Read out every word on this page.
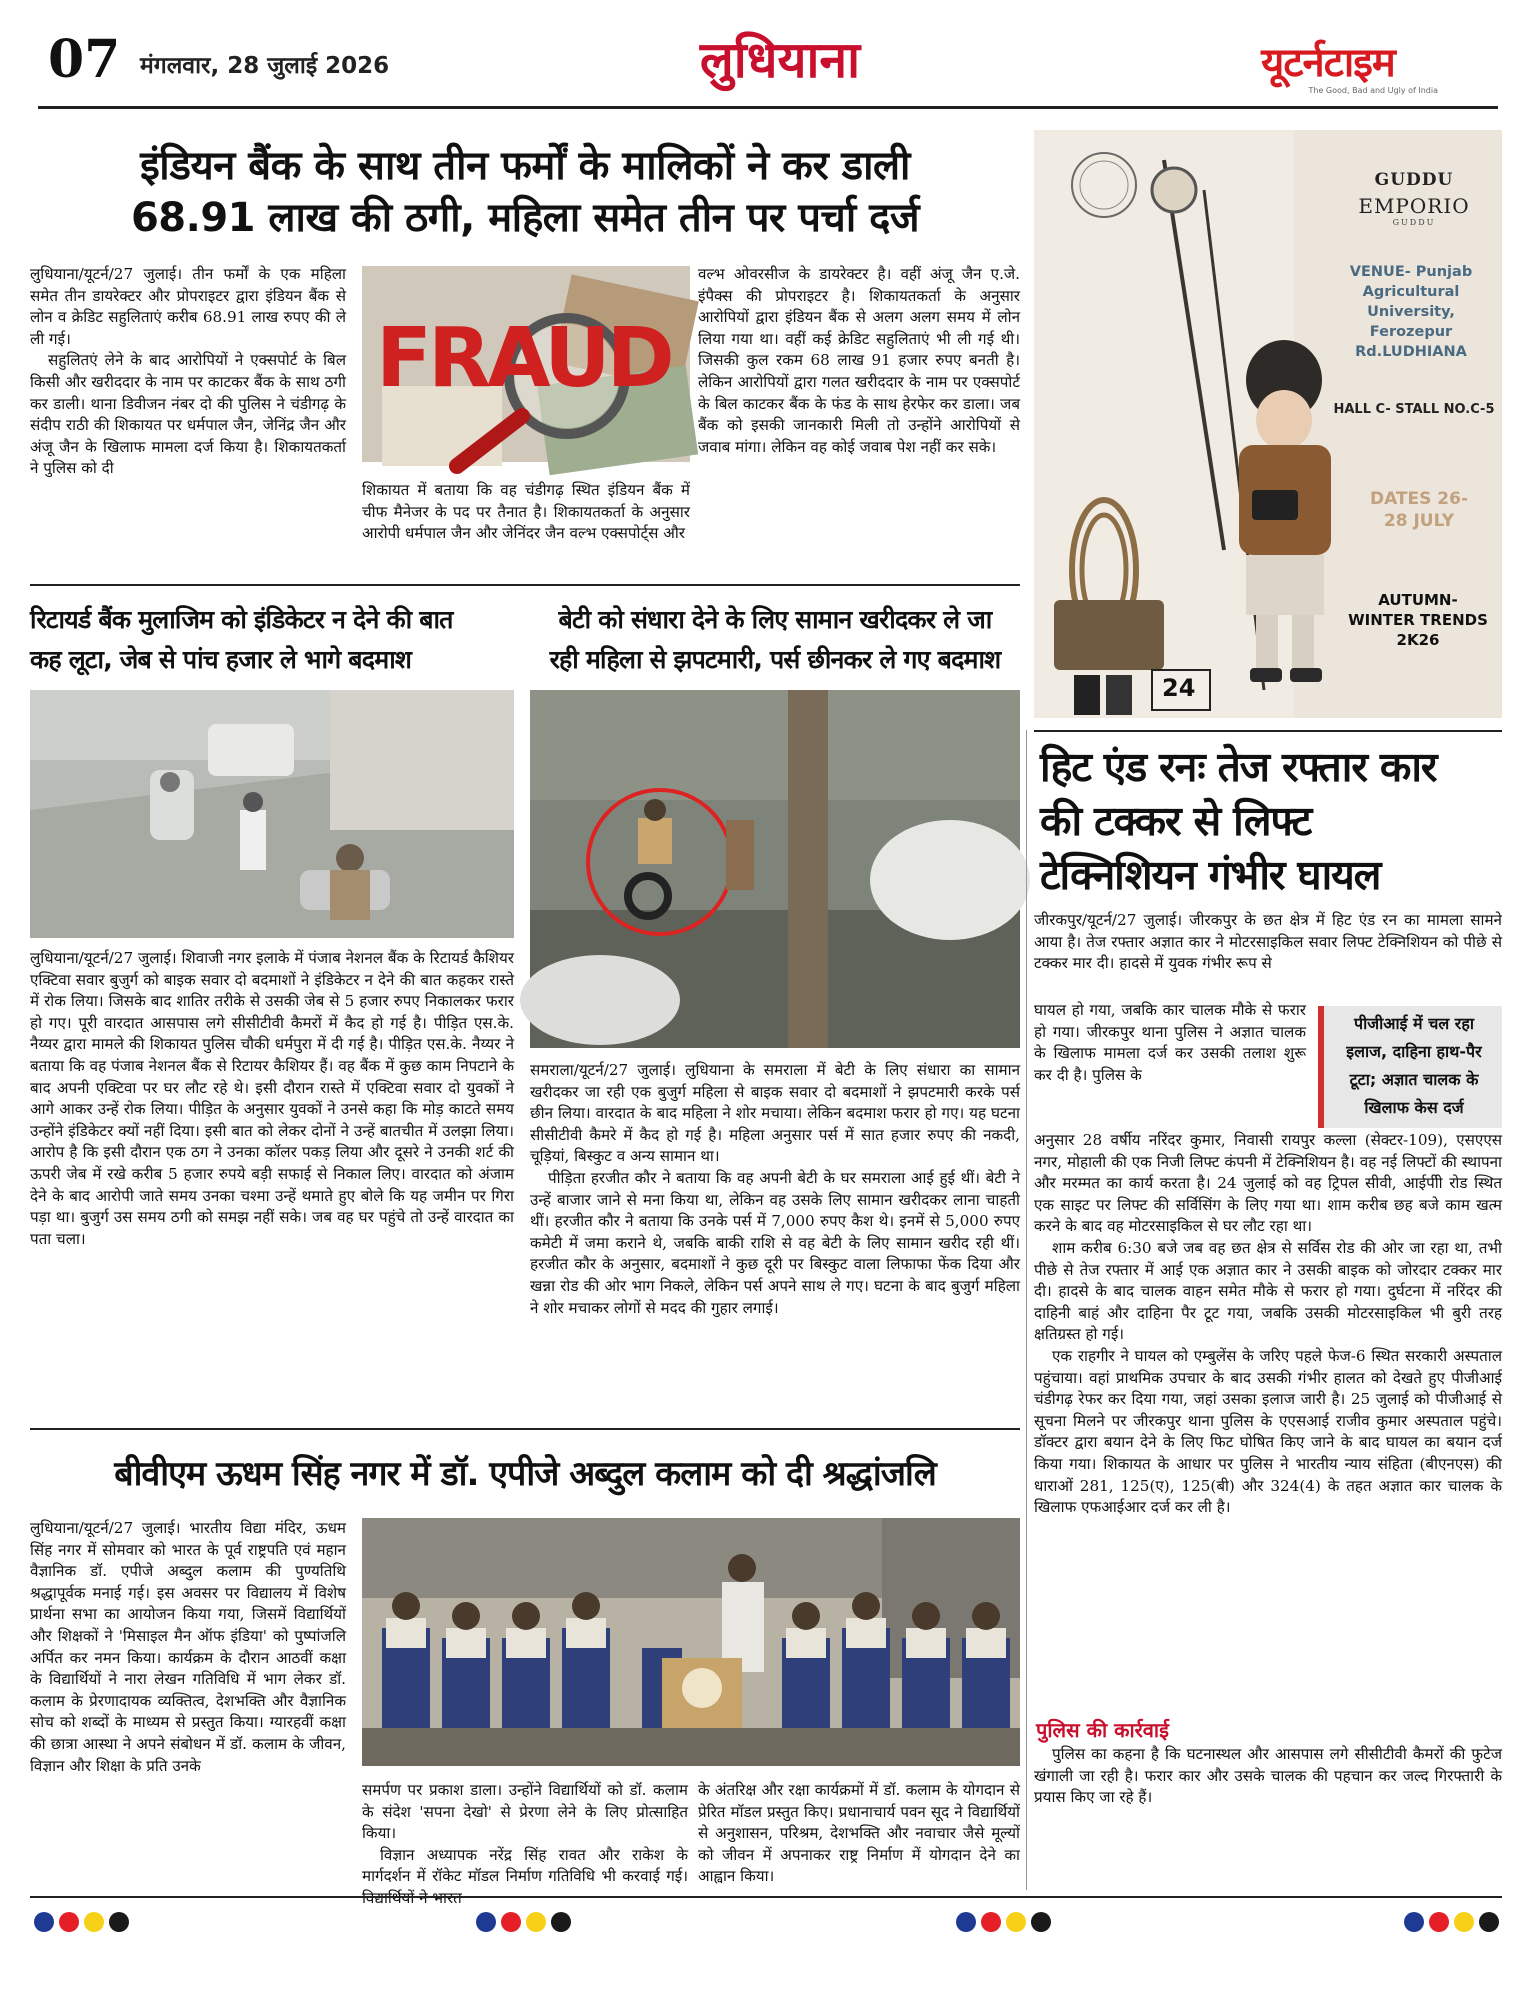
07 मंगलवार, 28 जुलाई 2026	लुधियाना	यूटर्नटाइम
The Good, Bad and Ugly of India
इंडियन बैंक के साथ तीन फर्मों के मालिकों ने कर डाली
68.91 लाख की ठगी, महिला समेत तीन पर पर्चा दर्ज

लुधियाना/यूटर्न/27 जुलाई। तीन फर्मों के एक महिला समेत तीन डायरेक्टर और प्रोपराइटर द्वारा इंडियन बैंक से लोन व क्रेडिट सहुलिताएं करीब 68.91 लाख रुपए की ले ली गई।

सहुलितएं लेने के बाद आरोपियों ने एक्सपोर्ट के बिल किसी और खरीददार के नाम पर काटकर बैंक के साथ ठगी कर डाली। थाना डिवीजन नंबर दो की पुलिस ने चंडीगढ़ के संदीप राठी की शिकायत पर धर्मपाल जैन, जेनिंद्र जैन और अंजू जैन के खिलाफ मामला दर्ज किया है। शिकायतकर्ता ने पुलिस को दी

FRAUD
शिकायत में बताया कि वह चंडीगढ़ स्थित इंडियन बैंक में चीफ मैनेजर के पद पर तैनात है। शिकायतकर्ता के अनुसार आरोपी धर्मपाल जैन और जेनिंदर जैन वल्भ एक्सपोर्ट्स और
वल्भ ओवरसीज के डायरेक्टर है। वहीं अंजू जैन ए.जे. इंपैक्स की प्रोपराइटर है। शिकायतकर्ता के अनुसार आरोपियों द्वारा इंडियन बैंक से अलग अलग समय में लोन लिया गया था। वहीं कई क्रेडिट सहुलिताएं भी ली गई थी। जिसकी कुल रकम 68 लाख 91 हजार रुपए बनती है। लेकिन आरोपियों द्वारा गलत खरीददार के नाम पर एक्सपोर्ट के बिल काटकर बैंक के फंड के साथ हेरफेर कर डाला। जब बैंक को इसकी जानकारी मिली तो उन्होंने आरोपियों से जवाब मांगा। लेकिन वह कोई जवाब पेश नहीं कर सके।
24
GUDDU
EMPORIO
GUDDU
VENUE- Punjab Agricultural University, Ferozepur Rd.LUDHIANA
HALL C- STALL NO.C-5
DATES 26-28 JULY
AUTUMN-
WINTER TRENDS
2K26
रिटायर्ड बैंक मुलाजिम को इंडिकेटर न देने की बात
कह लूटा, जेब से पांच हजार ले भागे बदमाश
लुधियाना/यूटर्न/27 जुलाई। शिवाजी नगर इलाके में पंजाब नेशनल बैंक के रिटायर्ड कैशियर एक्टिवा सवार बुजुर्ग को बाइक सवार दो बदमाशों ने इंडिकेटर न देने की बात कहकर रास्ते में रोक लिया। जिसके बाद शातिर तरीके से उसकी जेब से 5 हजार रुपए निकालकर फरार हो गए। पूरी वारदात आसपास लगे सीसीटीवी कैमरों में कैद हो गई है। पीड़ित एस.के. नैय्यर द्वारा मामले की शिकायत पुलिस चौकी धर्मपुरा में दी गई है। पीड़ित एस.के. नैय्यर ने बताया कि वह पंजाब नेशनल बैंक से रिटायर कैशियर हैं। वह बैंक में कुछ काम निपटाने के बाद अपनी एक्टिवा पर घर लौट रहे थे। इसी दौरान रास्ते में एक्टिवा सवार दो युवकों ने आगे आकर उन्हें रोक लिया। पीड़ित के अनुसार युवकों ने उनसे कहा कि मोड़ काटते समय उन्होंने इंडिकेटर क्यों नहीं दिया। इसी बात को लेकर दोनों ने उन्हें बातचीत में उलझा लिया। आरोप है कि इसी दौरान एक ठग ने उनका कॉलर पकड़ लिया और दूसरे ने उनकी शर्ट की ऊपरी जेब में रखे करीब 5 हजार रुपये बड़ी सफाई से निकाल लिए। वारदात को अंजाम देने के बाद आरोपी जाते समय उनका चश्मा उन्हें थमाते हुए बोले कि यह जमीन पर गिरा पड़ा था। बुजुर्ग उस समय ठगी को समझ नहीं सके। जब वह घर पहुंचे तो उन्हें वारदात का पता चला।
बेटी को संधारा देने के लिए सामान खरीदकर ले जा
रही महिला से झपटमारी, पर्स छीनकर ले गए बदमाश

समराला/यूटर्न/27 जुलाई। लुधियाना के समराला में बेटी के लिए संधारा का सामान खरीदकर जा रही एक बुजुर्ग महिला से बाइक सवार दो बदमाशों ने झपटमारी करके पर्स छीन लिया। वारदात के बाद महिला ने शोर मचाया। लेकिन बदमाश फरार हो गए। यह घटना सीसीटीवी कैमरे में कैद हो गई है। महिला अनुसार पर्स में सात हजार रुपए की नकदी, चूड़ियां, बिस्कुट व अन्य सामान था।

पीड़िता हरजीत कौर ने बताया कि वह अपनी बेटी के घर समराला आई हुई थीं। बेटी ने उन्हें बाजार जाने से मना किया था, लेकिन वह उसके लिए सामान खरीदकर लाना चाहती थीं। हरजीत कौर ने बताया कि उनके पर्स में 7,000 रुपए कैश थे। इनमें से 5,000 रुपए कमेटी में जमा कराने थे, जबकि बाकी राशि से वह बेटी के लिए सामान खरीद रही थीं। हरजीत कौर के अनुसार, बदमाशों ने कुछ दूरी पर बिस्कुट वाला लिफाफा फेंक दिया और खन्ना रोड की ओर भाग निकले, लेकिन पर्स अपने साथ ले गए। घटना के बाद बुजुर्ग महिला ने शोर मचाकर लोगों से मदद की गुहार लगाई।

हिट एंड रनः तेज रफ्तार कार
की टक्कर से लिफ्ट
टेक्निशियन गंभीर घायल
जीरकपुर/यूटर्न/27 जुलाई। जीरकपुर के छत क्षेत्र में हिट एंड रन का मामला सामने आया है। तेज रफ्तार अज्ञात कार ने मोटरसाइकिल सवार लिफ्ट टेक्निशियन को पीछे से टक्कर मार दी। हादसे में युवक गंभीर रूप से
घायल हो गया, जबकि कार चालक मौके से फरार हो गया। जीरकपुर थाना पुलिस ने अज्ञात चालक के खिलाफ मामला दर्ज कर उसकी तलाश शुरू कर दी है। पुलिस के
पीजीआई में चल रहा इलाज, दाहिना हाथ-पैर टूटा; अज्ञात चालक के खिलाफ केस दर्ज

अनुसार 28 वर्षीय नरिंदर कुमार, निवासी रायपुर कल्ला (सेक्टर-109), एसएएस नगर, मोहाली की एक निजी लिफ्ट कंपनी में टेक्निशियन है। वह नई लिफ्टों की स्थापना और मरम्मत का कार्य करता है। 24 जुलाई को वह ट्रिपल सीवी, आईपीी रोड स्थित एक साइट पर लिफ्ट की सर्विसिंग के लिए गया था। शाम करीब छह बजे काम खत्म करने के बाद वह मोटरसाइकिल से घर लौट रहा था।

शाम करीब 6:30 बजे जब वह छत क्षेत्र से सर्विस रोड की ओर जा रहा था, तभी पीछे से तेज रफ्तार में आई एक अज्ञात कार ने उसकी बाइक को जोरदार टक्कर मार दी। हादसे के बाद चालक वाहन समेत मौके से फरार हो गया। दुर्घटना में नरिंदर की दाहिनी बाहं और दाहिना पैर टूट गया, जबकि उसकी मोटरसाइकिल भी बुरी तरह क्षतिग्रस्त हो गई।

एक राहगीर ने घायल को एम्बुलेंस के जरिए पहले फेज-6 स्थित सरकारी अस्पताल पहुंचाया। वहां प्राथमिक उपचार के बाद उसकी गंभीर हालत को देखते हुए पीजीआई चंडीगढ़ रेफर कर दिया गया, जहां उसका इलाज जारी है। 25 जुलाई को पीजीआई से सूचना मिलने पर जीरकपुर थाना पुलिस के एएसआई राजीव कुमार अस्पताल पहुंचे। डॉक्टर द्वारा बयान देने के लिए फिट घोषित किए जाने के बाद घायल का बयान दर्ज किया गया। शिकायत के आधार पर पुलिस ने भारतीय न्याय संहिता (बीएनएस) की धाराओं 281, 125(ए), 125(बी) और 324(4) के तहत अज्ञात कार चालक के खिलाफ एफआईआर दर्ज कर ली है।

पुलिस की कार्रवाई

पुलिस का कहना है कि घटनास्थल और आसपास लगे सीसीटीवी कैमरों की फुटेज खंगाली जा रही है। फरार कार और उसके चालक की पहचान कर जल्द गिरफ्तारी के प्रयास किए जा रहे हैं।

बीवीएम ऊधम सिंह नगर में डॉ. एपीजे अब्दुल कलाम को दी श्रद्धांजलि
लुधियाना/यूटर्न/27 जुलाई। भारतीय विद्या मंदिर, ऊधम सिंह नगर में सोमवार को भारत के पूर्व राष्ट्रपति एवं महान वैज्ञानिक डॉ. एपीजे अब्दुल कलाम की पुण्यतिथि श्रद्धापूर्वक मनाई गई। इस अवसर पर विद्यालय में विशेष प्रार्थना सभा का आयोजन किया गया, जिसमें विद्यार्थियों और शिक्षकों ने 'मिसाइल मैन ऑफ इंडिया' को पुष्पांजलि अर्पित कर नमन किया। कार्यक्रम के दौरान आठवीं कक्षा के विद्यार्थियों ने नारा लेखन गतिविधि में भाग लेकर डॉ. कलाम के प्रेरणादायक व्यक्तित्व, देशभक्ति और वैज्ञानिक सोच को शब्दों के माध्यम से प्रस्तुत किया। ग्यारहवीं कक्षा की छात्रा आस्था ने अपने संबोधन में डॉ. कलाम के जीवन, विज्ञान और शिक्षा के प्रति उनके

समर्पण पर प्रकाश डाला। उन्होंने विद्यार्थियों को डॉ. कलाम के संदेश 'सपना देखो' से प्रेरणा लेने के लिए प्रोत्साहित किया।

विज्ञान अध्यापक नरेंद्र सिंह रावत और राकेश के मार्गदर्शन में रॉकेट मॉडल निर्माण गतिविधि भी करवाई गई।

के अंतरिक्ष और रक्षा कार्यक्रमों में डॉ. कलाम के योगदान से प्रेरित मॉडल प्रस्तुत किए। प्रधानाचार्य पवन सूद ने विद्यार्थियों से अनुशासन, परिश्रम, देशभक्ति और नवाचार जैसे मूल्यों को जीवन में अपनाकर राष्ट्र निर्माण में योगदान देने का आह्वान किया।
